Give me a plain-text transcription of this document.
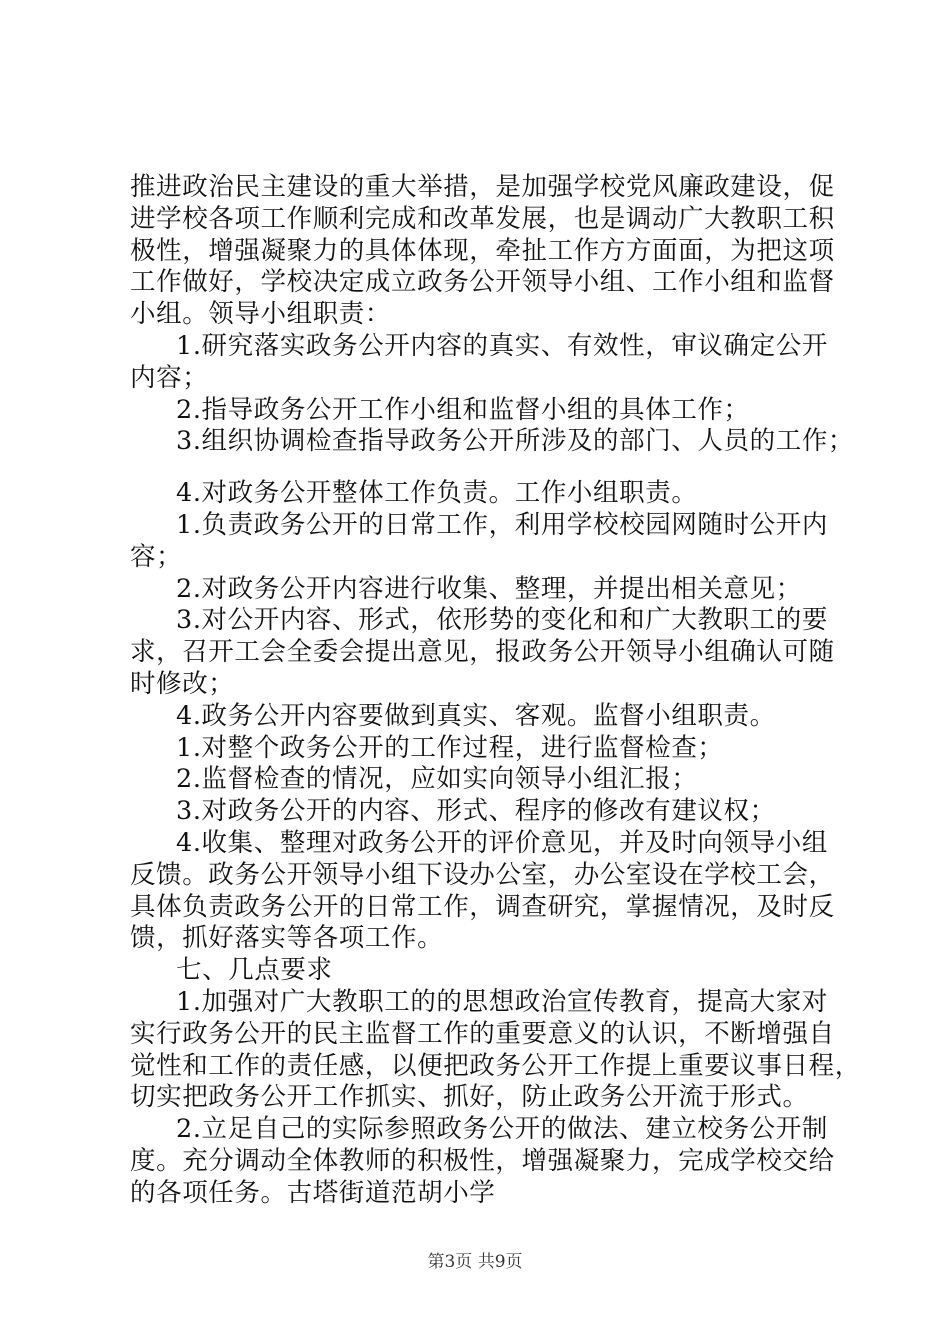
推进政治民主建设的重大举措，是加强学校党风廉政建设，促
进学校各项工作顺利完成和改革发展，也是调动广大教职工积
极性，增强凝聚力的具体体现，牵扯工作方方面面，为把这项
工作做好，学校决定成立政务公开领导小组、工作小组和监督
小组。领导小组职责：
1.研究落实政务公开内容的真实、有效性，审议确定公开
内容；
2.指导政务公开工作小组和监督小组的具体工作；
3.组织协调检查指导政务公开所涉及的部门、人员的工作；
4.对政务公开整体工作负责。工作小组职责。
1.负责政务公开的日常工作，利用学校校园网随时公开内
容；
2.对政务公开内容进行收集、整理，并提出相关意见；
3.对公开内容、形式，依形势的变化和和广大教职工的要
求，召开工会全委会提出意见，报政务公开领导小组确认可随
时修改；
4.政务公开内容要做到真实、客观。监督小组职责。
1.对整个政务公开的工作过程，进行监督检查；
2.监督检查的情况，应如实向领导小组汇报；
3.对政务公开的内容、形式、程序的修改有建议权；
4.收集、整理对政务公开的评价意见，并及时向领导小组
反馈。政务公开领导小组下设办公室，办公室设在学校工会，
具体负责政务公开的日常工作，调查研究，掌握情况，及时反
馈，抓好落实等各项工作。
七、几点要求
1.加强对广大教职工的的思想政治宣传教育，提高大家对
实行政务公开的民主监督工作的重要意义的认识，不断增强自
觉性和工作的责任感，以便把政务公开工作提上重要议事日程，
切实把政务公开工作抓实、抓好，防止政务公开流于形式。
2.立足自己的实际参照政务公开的做法、建立校务公开制
度。充分调动全体教师的积极性，增强凝聚力，完成学校交给
的各项任务。古塔街道范胡小学
第3页 共9页
